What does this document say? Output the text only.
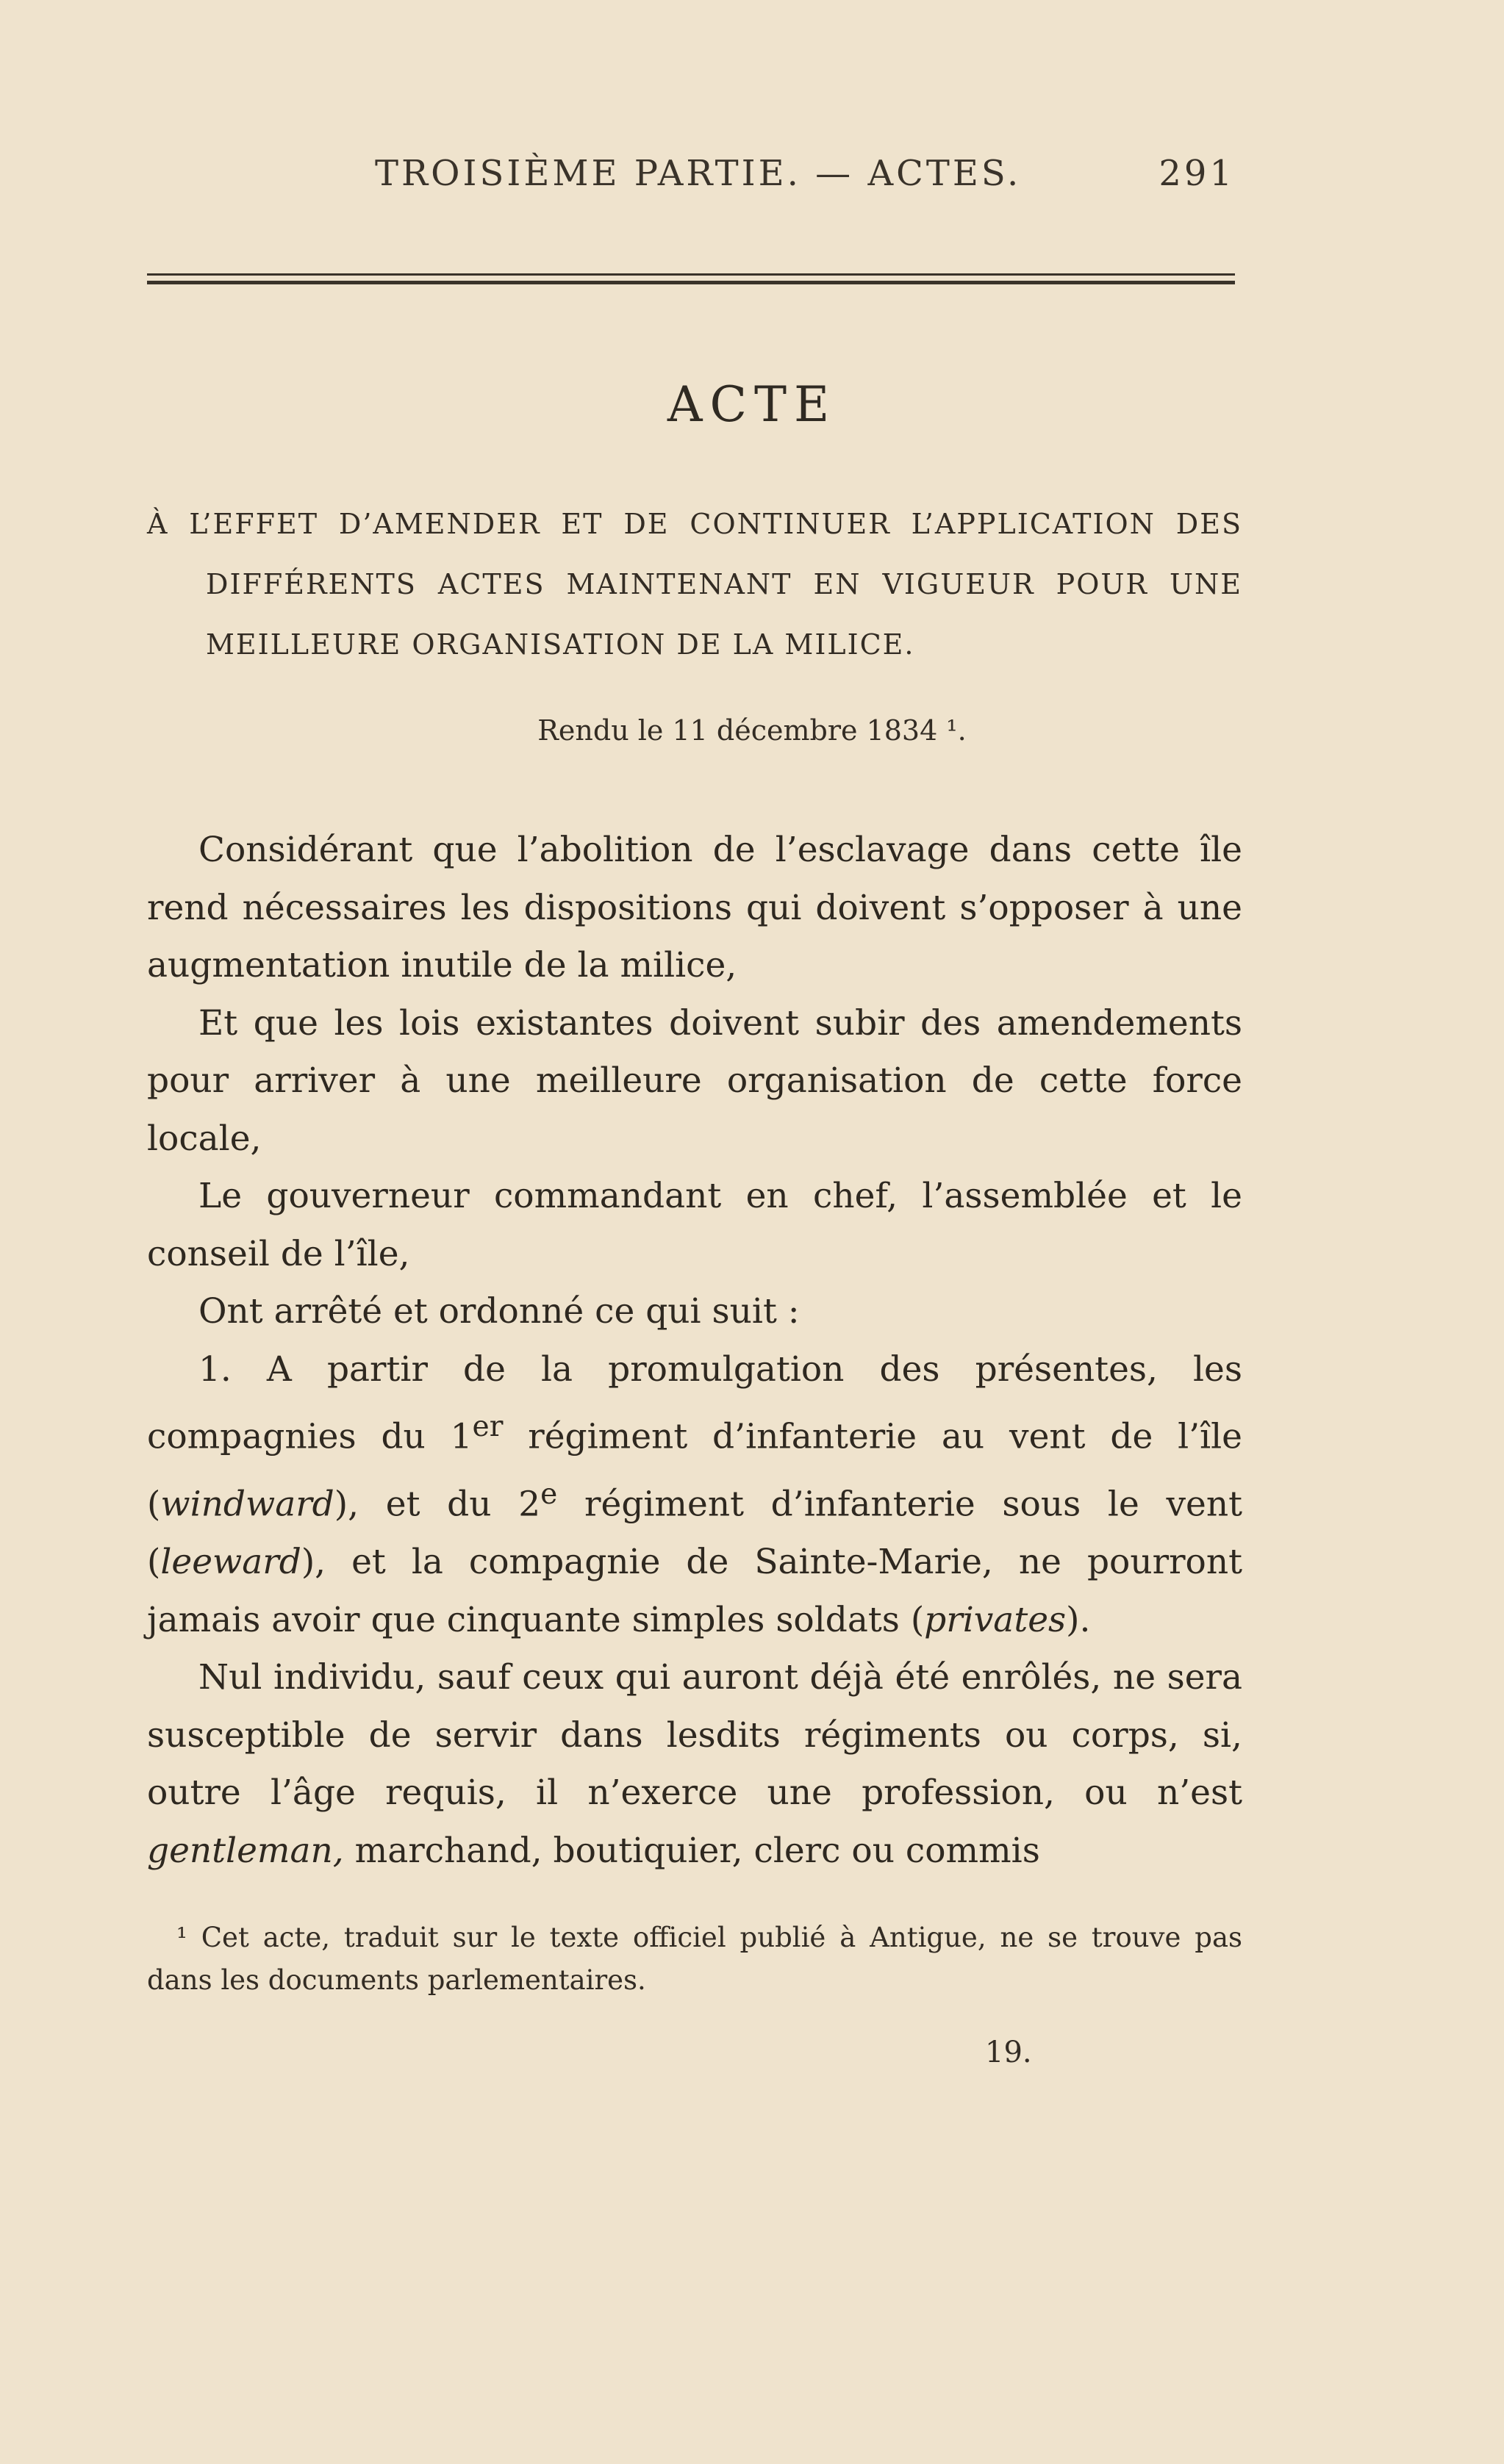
TROISIÈME PARTIE. — ACTES.	291
ACTE
À L’EFFET D’AMENDER ET DE CONTINUER L’APPLICATION DES DIFFÉRENTS ACTES MAINTENANT EN VIGUEUR POUR UNE MEILLEURE ORGANISATION DE LA MILICE.
Rendu le 11 décembre 1834 ¹.

Considérant que l’abolition de l’esclavage dans cette île rend nécessaires les dispositions qui doivent s’opposer à une augmentation inutile de la milice,

Et que les lois existantes doivent subir des amendements pour arriver à une meilleure organisation de cette force locale,

Le gouverneur commandant en chef, l’assemblée et le conseil de l’île,

Ont arrêté et ordonné ce qui suit :

1. A partir de la promulgation des présentes, les compagnies du 1er régiment d’infanterie au vent de l’île (windward), et du 2e régiment d’infanterie sous le vent (leeward), et la compagnie de Sainte-Marie, ne pourront jamais avoir que cinquante simples soldats (privates).

Nul individu, sauf ceux qui auront déjà été enrôlés, ne sera susceptible de servir dans lesdits régiments ou corps, si, outre l’âge requis, il n’exerce une profession, ou n’est gentleman, marchand, boutiquier, clerc ou commis

¹ Cet acte, traduit sur le texte officiel publié à Antigue, ne se trouve pas dans les documents parlementaires.
19.
